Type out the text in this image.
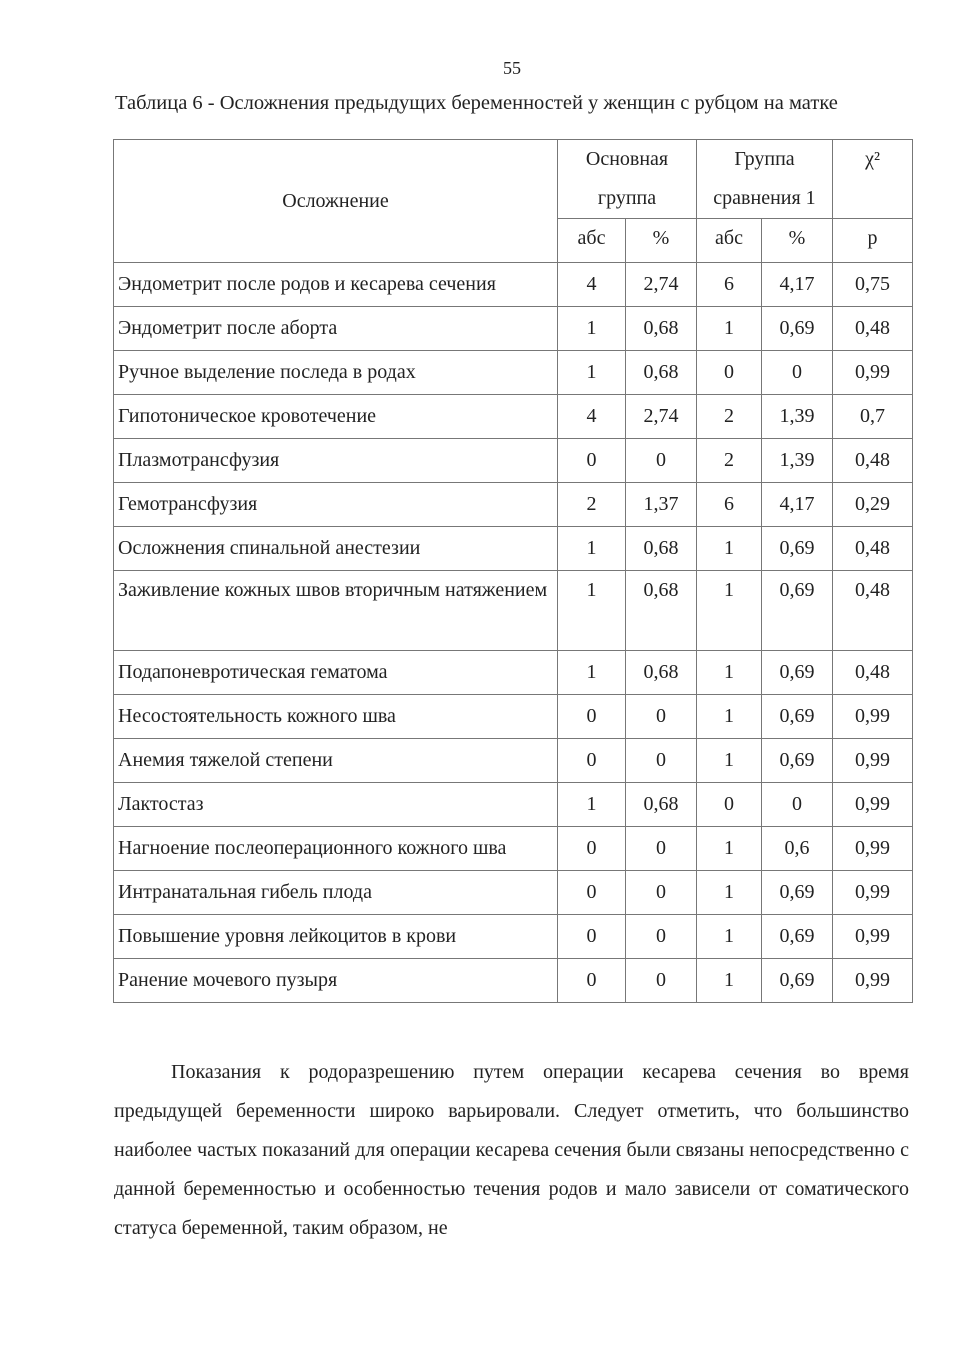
55
Таблица 6 - Осложнения предыдущих беременностей у женщин с рубцом на матке
Осложнение	Основная группа		Группа сравнения 1		χ²
	абс	%	абс	%	p
Эндометрит после родов и кесарева сечения	4	2,74	6	4,17	0,75
Эндометрит после аборта	1	0,68	1	0,69	0,48
Ручное выделение последа в родах	1	0,68	0	0	0,99
Гипотоническое кровотечение	4	2,74	2	1,39	0,7
Плазмотрансфузия	0	0	2	1,39	0,48
Гемотрансфузия	2	1,37	6	4,17	0,29
Осложнения спинальной анестезии	1	0,68	1	0,69	0,48
Заживление кожных швов вторичным натяжением	1	0,68	1	0,69	0,48
Подапоневротическая гематома	1	0,68	1	0,69	0,48
Несостоятельность кожного шва	0	0	1	0,69	0,99
Анемия тяжелой степени	0	0	1	0,69	0,99
Лактостаз	1	0,68	0	0	0,99
Нагноение послеоперационного кожного шва	0	0	1	0,6	0,99
Интранатальная гибель плода	0	0	1	0,69	0,99
Повышение уровня лейкоцитов в крови	0	0	1	0,69	0,99
Ранение мочевого пузыря	0	0	1	0,69	0,99
Показания к родоразрешению путем операции кесарева сечения во время предыдущей беременности широко варьировали. Следует отметить, что большинство наиболее частых показаний для операции кесарева сечения были связаны непосредственно с данной беременностью и особенностью течения родов и мало зависели от соматического статуса беременной, таким образом, не
